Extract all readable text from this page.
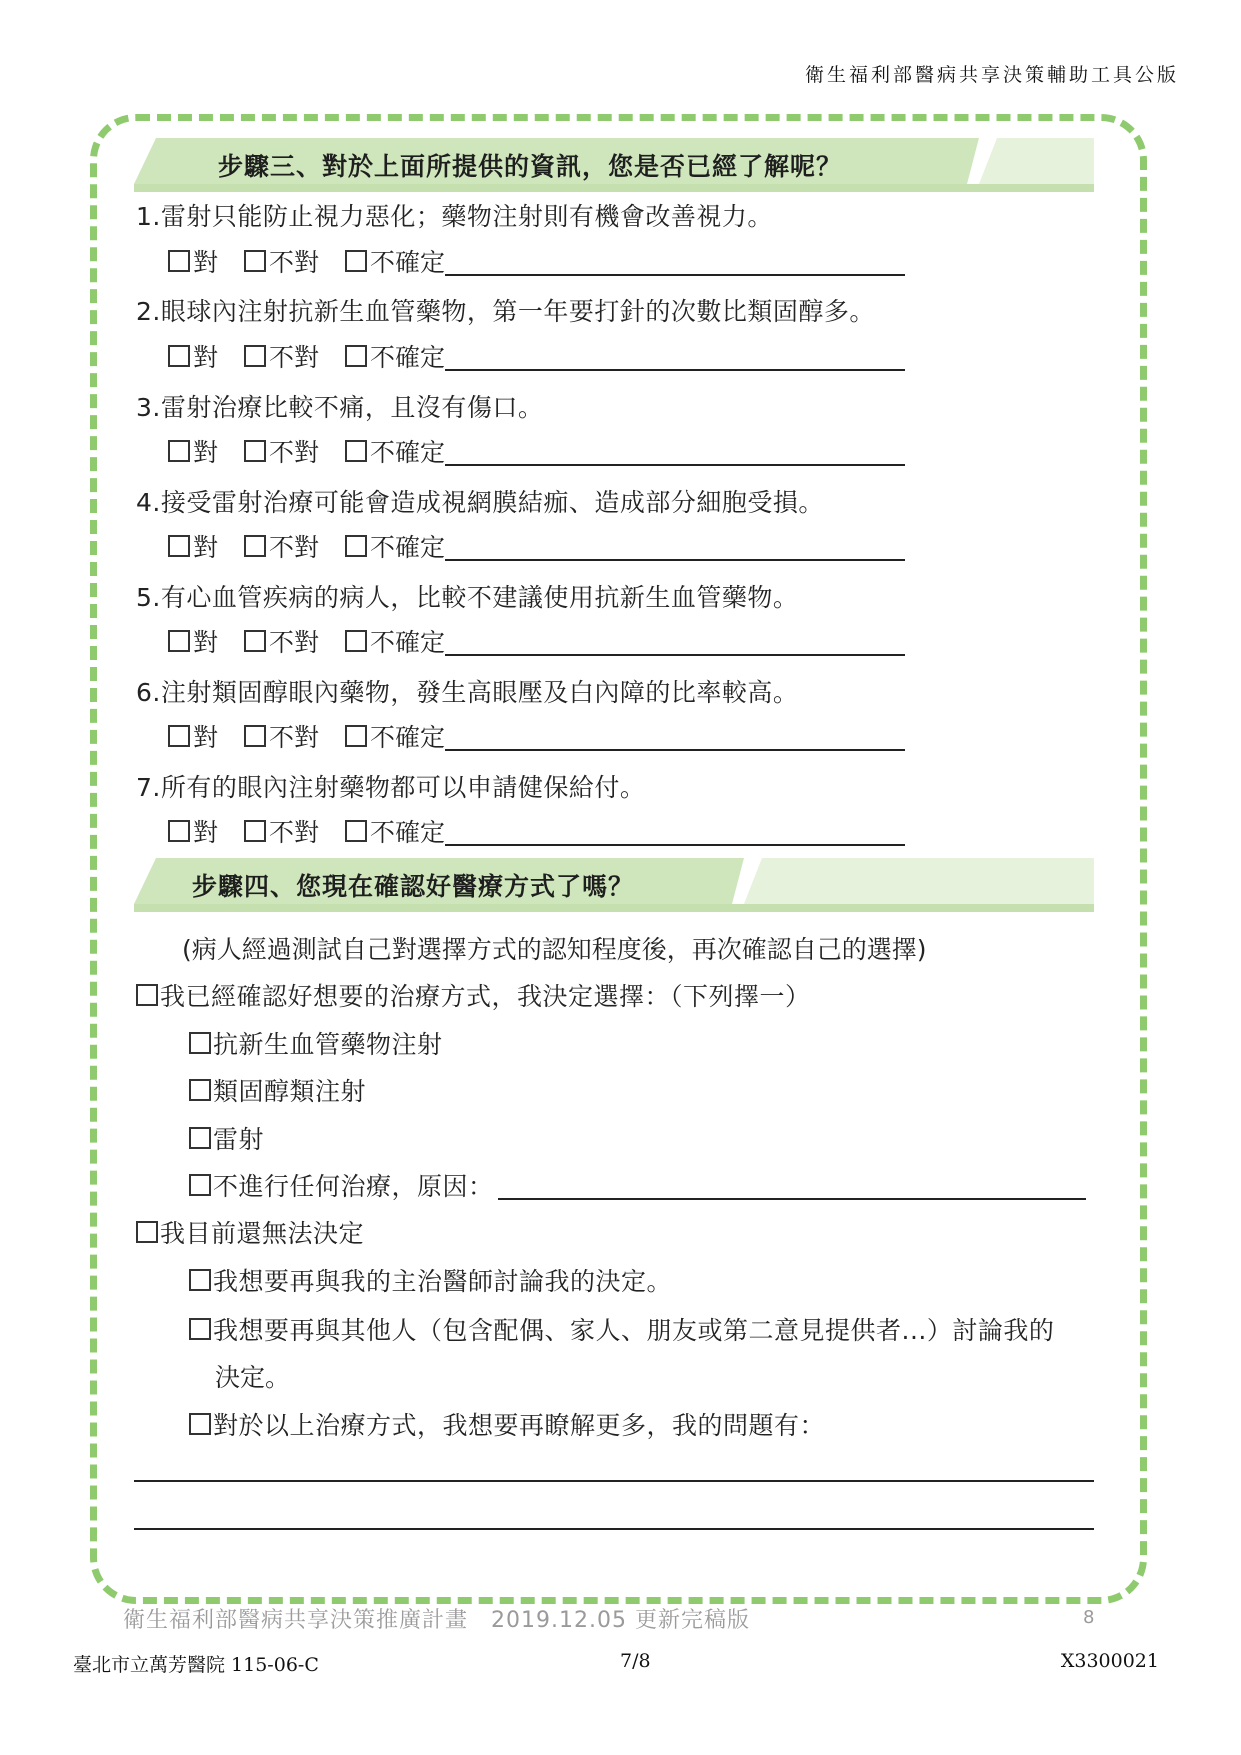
衛生福利部醫病共享決策輔助工具公版
步驟三、對於上面所提供的資訊，您是否已經了解呢？
1.雷射只能防止視力惡化；藥物注射則有機會改善視力。
對 不對 不確定
2.眼球內注射抗新生血管藥物，第一年要打針的次數比類固醇多。
對 不對 不確定
3.雷射治療比較不痛，且沒有傷口。
對 不對 不確定
4.接受雷射治療可能會造成視網膜結痂、造成部分細胞受損。
對 不對 不確定
5.有心血管疾病的病人，比較不建議使用抗新生血管藥物。
對 不對 不確定
6.注射類固醇眼內藥物，發生高眼壓及白內障的比率較高。
對 不對 不確定
7.所有的眼內注射藥物都可以申請健保給付。
對 不對 不確定
步驟四、您現在確認好醫療方式了嗎？
(病人經過測試自己對選擇方式的認知程度後，再次確認自己的選擇)
我已經確認好想要的治療方式，我決定選擇：（下列擇一）
抗新生血管藥物注射
類固醇類注射
雷射
不進行任何治療，原因：
我目前還無法決定
我想要再與我的主治醫師討論我的決定。
我想要再與其他人（包含配偶、家人、朋友或第二意見提供者...）討論我的
決定。
對於以上治療方式，我想要再瞭解更多，我的問題有：
衛生福利部醫病共享決策推廣計畫　2019.12.05 更新完稿版	8
臺北市立萬芳醫院 115-06-C	7/8	X3300021
